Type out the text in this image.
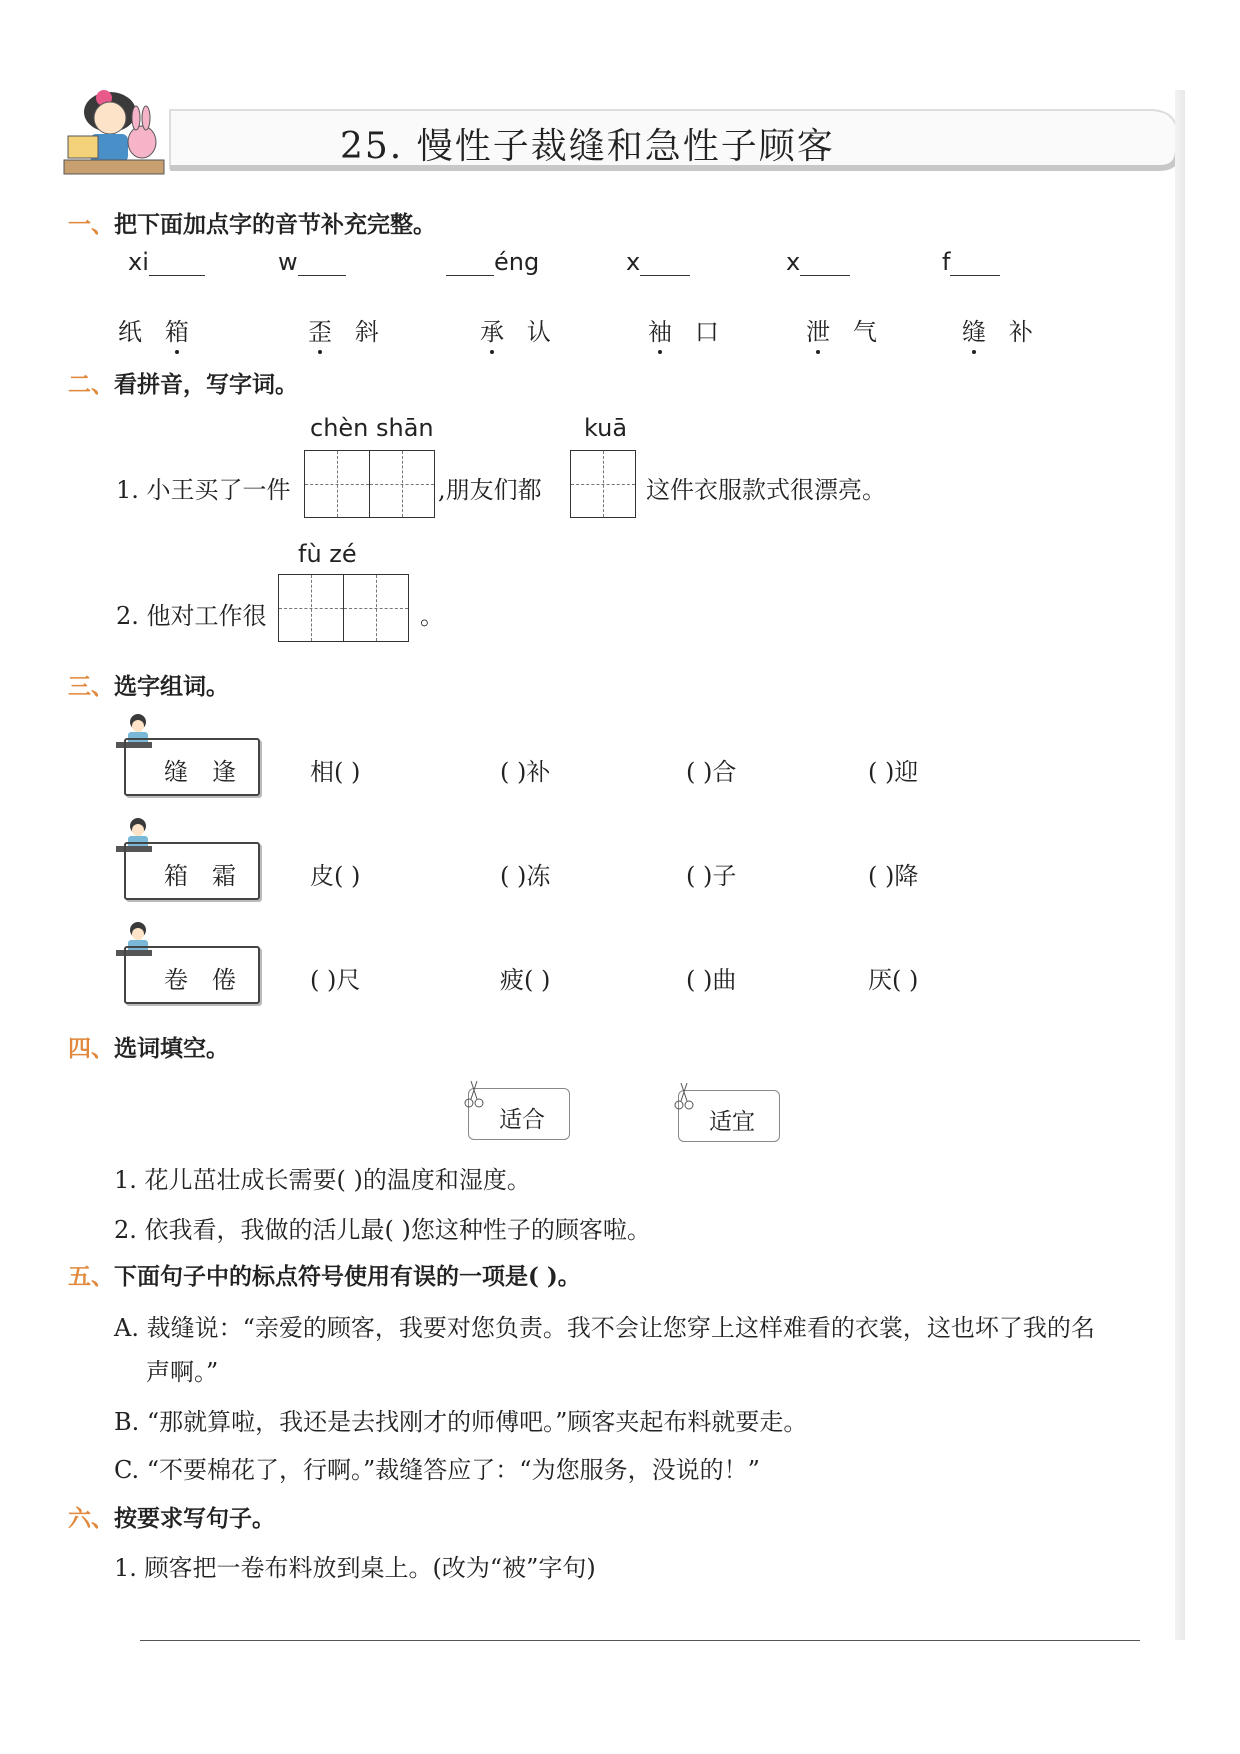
25. 慢性子裁缝和急性子顾客
一、把下面加点字的音节补充完整。
xi	w	éng	x	x	f
纸 箱	歪 斜	承 认	袖 口	泄 气	缝 补
二、看拼音，写字词。
chèn shān	kuā
1. 小王买了一件	,朋友们都	这件衣服款式很漂亮。
fù zé
2. 他对工作很	。
三、选字组词。
缝逢 相( )	( )补	( )合	( )迎
箱霜 皮( )	( )冻	( )子	( )降
卷倦 ( )尺	疲( )	( )曲	厌( )
四、选词填空。
适合	适宜
1. 花儿茁壮成长需要( )的温度和湿度。
2. 依我看，我做的活儿最( )您这种性子的顾客啦。
五、下面句子中的标点符号使用有误的一项是( )。
A. 裁缝说：“亲爱的顾客，我要对您负责。我不会让您穿上这样难看的衣裳，这也坏了我的名
声啊。”
B. “那就算啦，我还是去找刚才的师傅吧。”顾客夹起布料就要走。
C. “不要棉花了，行啊。”裁缝答应了：“为您服务，没说的！”
六、按要求写句子。
1. 顾客把一卷布料放到桌上。(改为“被”字句)
